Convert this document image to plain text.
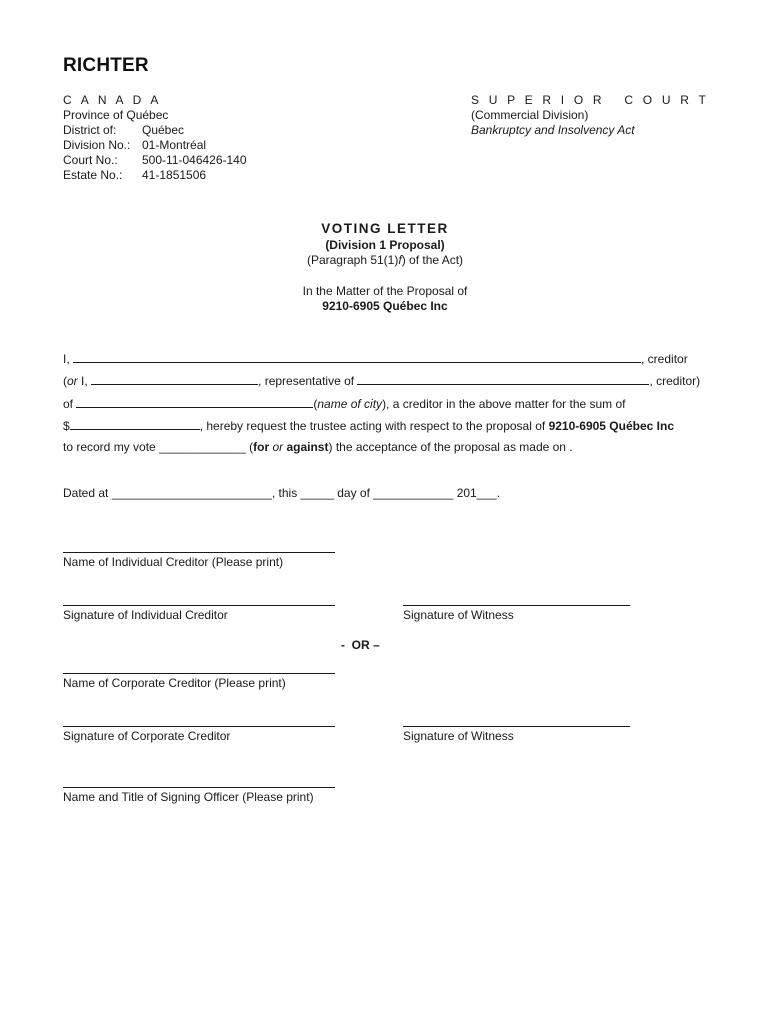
RICHTER
C A N A D A
Province of Québec
District of: Québec
Division No.: 01-Montréal
Court No.: 500-11-046426-140
Estate No.: 41-1851506
S U P E R I O R   C O U R T
(Commercial Division)
Bankruptcy and Insolvency Act
VOTING LETTER
(Division 1 Proposal)
(Paragraph 51(1)f) of the Act)
In the Matter of the Proposal of
9210-6905 Québec Inc
I,	, creditor
(or I,	, representative of	, creditor)
of	(name of city), a creditor in the above matter for the sum of
$	, hereby request the trustee acting with respect to the proposal of 9210-6905 Québec Inc
to record my vote _____________ (for or against) the acceptance of the proposal as made on .
Dated at ________________________, this _____ day of ____________ 201___.
Name of Individual Creditor (Please print)
Signature of Individual Creditor	Signature of Witness
-  OR –
Name of Corporate Creditor (Please print)
Signature of Corporate Creditor	Signature of Witness
Name and Title of Signing Officer (Please print)
